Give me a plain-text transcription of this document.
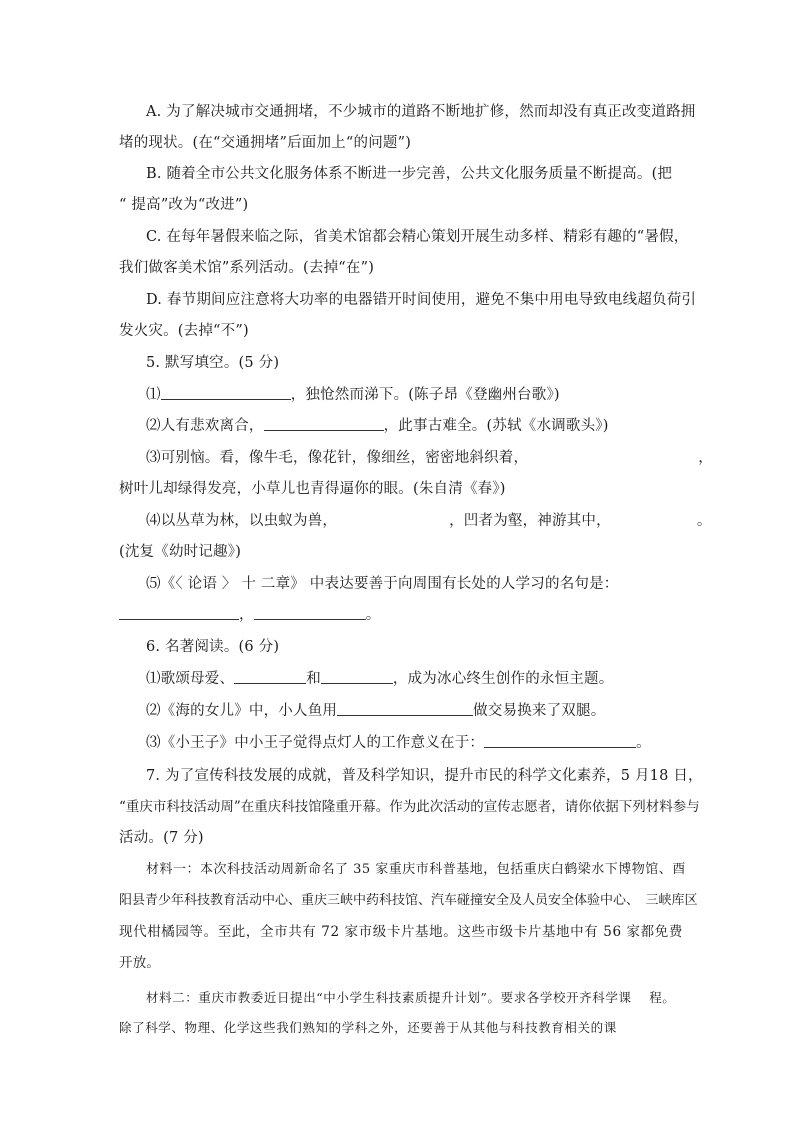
A. 为了解决城市交通拥堵，不少城市的道路不断地扩修，然而却没有真正改变道路拥
堵的现状。(在“交通拥堵”后面加上“的问题”)
B. 随着全市公共文化服务体系不断进一步完善，公共文化服务质量不断提高。(把
“ 提高”改为“改进”)
C. 在每年暑假来临之际，省美术馆都会精心策划开展生动多样、精彩有趣的“暑假，
我们做客美术馆”系列活动。(去掉“在”)
D. 春节期间应注意将大功率的电器错开时间使用，避免不集中用电导致电线超负荷引
发火灾。(去掉“不”)
5. 默写填空。(5 分)
⑴	，独怆然而涕下。(陈子昂《登幽州台歌》)
⑵人有悲欢离合，	，此事古难全。(苏轼《水调歌头》)
⑶可别恼。看，像牛毛，像花针，像细丝，密密地斜织着，	，
树叶儿却绿得发亮，小草儿也青得逼你的眼。(朱自清《春》)
⑷以丛草为林，以虫蚁为兽，	，凹者为壑，神游其中，	。
(沈复《幼时记趣》)
⑸《〈 论语 〉 十 二章》 中表达要善于向周围有长处的人学习的名句是：
，	。
6. 名著阅读。(6 分)
⑴歌颂母爱、	和	，成为冰心终生创作的永恒主题。
⑵《海的女儿》中，小人鱼用	做交易换来了双腿。
⑶《小王子》中小王子觉得点灯人的工作意义在于：	。
7. 为了宣传科技发展的成就，普及科学知识，提升市民的科学文化素养，5 月18 日，
“重庆市科技活动周”在重庆科技馆隆重开幕。作为此次活动的宣传志愿者，请你依据下列材料参与
活动。(7 分)
材料一：本次科技活动周新命名了 35 家重庆市科普基地，包括重庆白鹤梁水下博物馆、酉
阳县青少年科技教育活动中心、重庆三峡中药科技馆、汽车碰撞安全及人员安全体验中心、　三峡库区
现代柑橘园等。至此，全市共有 72 家市级卡片基地。这些市级卡片基地中有 56 家都免费
开放。
材料二：重庆市教委近日提出“中小学生科技素质提升计划”。要求各学校开齐科学课　 程。
除了科学、物理、化学这些我们熟知的学科之外，还要善于从其他与科技教育相关的课
